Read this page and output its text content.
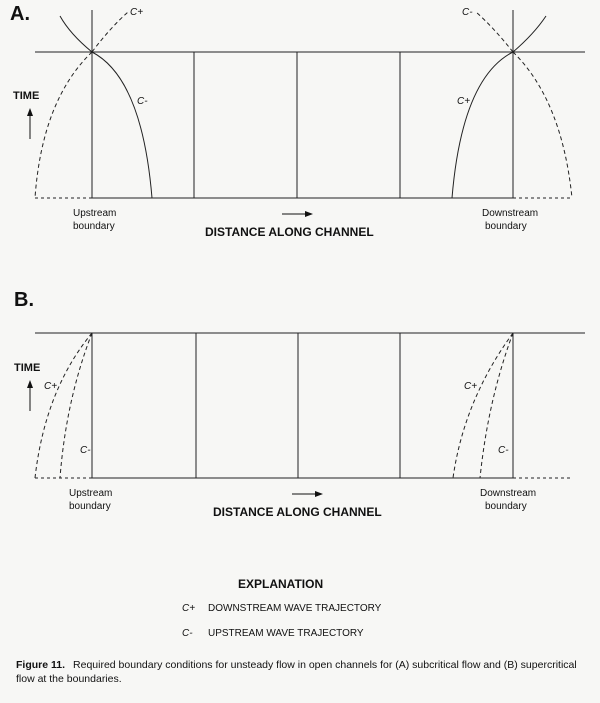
A.	C+
C-
C-
C+
TIME
Upstream
boundary
Downstream
boundary
DISTANCE ALONG CHANNEL
B.
C+
C-
C+
C-
TIME
Upstream
boundary
Downstream
boundary
DISTANCE ALONG CHANNEL
EXPLANATION
C+ DOWNSTREAM WAVE TRAJECTORY
C- UPSTREAM WAVE TRAJECTORY
Figure 11. Required boundary conditions for unsteady flow in open channels for (A) subcritical flow and (B) supercritical flow at the boundaries.
